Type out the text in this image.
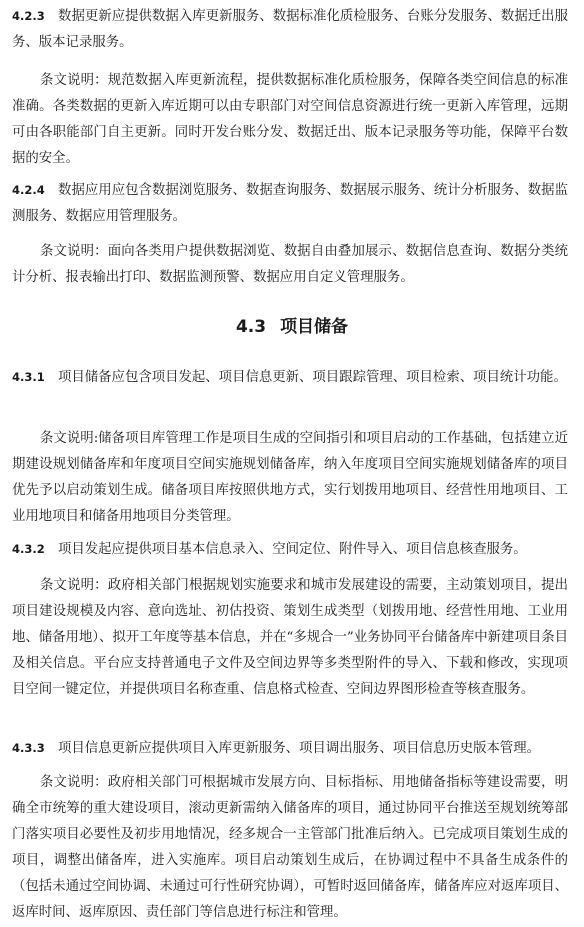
4.2.3 数据更新应提供数据入库更新服务、数据标准化质检服务、台账分发服务、数据迁出服务、版本记录服务。

条文说明：规范数据入库更新流程，提供数据标准化质检服务，保障各类空间信息的标准准确。各类数据的更新入库近期可以由专职部门对空间信息资源进行统一更新入库管理，远期可由各职能部门自主更新。同时开发台账分发、数据迁出、版本记录服务等功能，保障平台数据的安全。

4.2.4 数据应用应包含数据浏览服务、数据查询服务、数据展示服务、统计分析服务、数据监测服务、数据应用管理服务。

条文说明：面向各类用户提供数据浏览、数据自由叠加展示、数据信息查询、数据分类统计分析、报表输出打印、数据监测预警、数据应用自定义管理服务。

4.3 项目储备

4.3.1 项目储备应包含项目发起、项目信息更新、项目跟踪管理、项目检索、项目统计功能。

条文说明:储备项目库管理工作是项目生成的空间指引和项目启动的工作基础，包括建立近期建设规划储备库和年度项目空间实施规划储备库，纳入年度项目空间实施规划储备库的项目优先予以启动策划生成。储备项目库按照供地方式，实行划拨用地项目、经营性用地项目、工业用地项目和储备用地项目分类管理。

4.3.2 项目发起应提供项目基本信息录入、空间定位、附件导入、项目信息核查服务。

条文说明：政府相关部门根据规划实施要求和城市发展建设的需要，主动策划项目，提出项目建设规模及内容、意向选址、初估投资、策划生成类型（划拨用地、经营性用地、工业用地、储备用地）、拟开工年度等基本信息，并在“多规合一”业务协同平台储备库中新建项目条目及相关信息。平台应支持普通电子文件及空间边界等多类型附件的导入、下载和修改，实现项目空间一键定位，并提供项目名称查重、信息格式检查、空间边界图形检查等核查服务。

4.3.3 项目信息更新应提供项目入库更新服务、项目调出服务、项目信息历史版本管理。

条文说明：政府相关部门可根据城市发展方向、目标指标、用地储备指标等建设需要，明确全市统筹的重大建设项目，滚动更新需纳入储备库的项目，通过协同平台推送至规划统筹部门落实项目必要性及初步用地情况，经多规合一主管部门批准后纳入。已完成项目策划生成的项目，调整出储备库，进入实施库。项目启动策划生成后，在协调过程中不具备生成条件的（包括未通过空间协调、未通过可行性研究协调），可暂时返回储备库，储备库应对返库项目、返库时间、返库原因、责任部门等信息进行标注和管理。
